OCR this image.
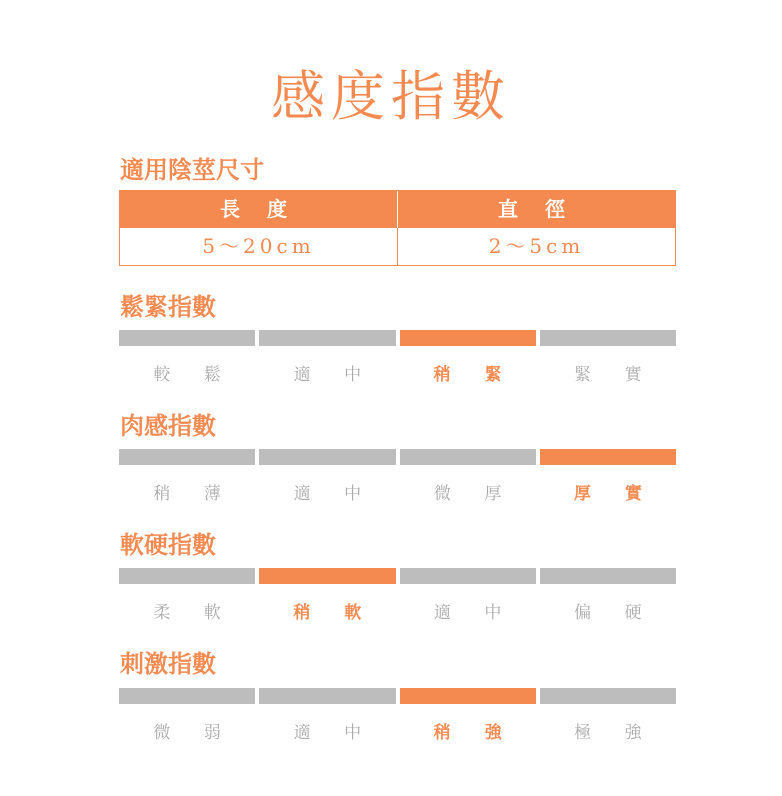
感度指數
適用陰莖尺寸
長 度	直 徑
5～20cm	2～5cm
鬆緊指數
較 鬆	適 中	稍 緊	緊 實
肉感指數
稍 薄	適 中	微 厚	厚 實
軟硬指數
柔 軟	稍 軟	適 中	偏 硬
刺激指數
微 弱	適 中	稍 強	極 強
